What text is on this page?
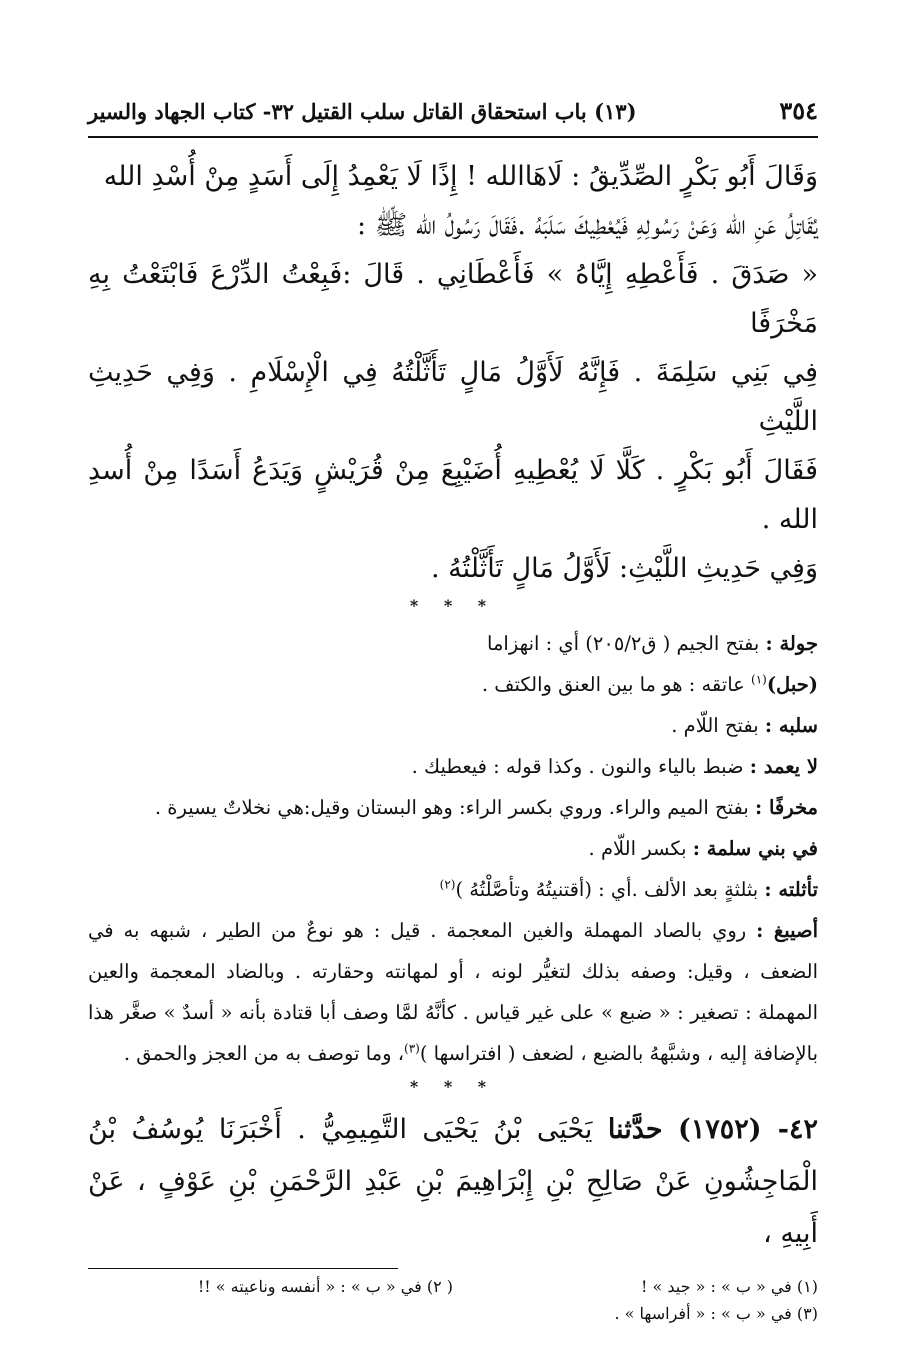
٣٥٤
(١٣) باب استحقاق القاتل سلب القتيل ٣٢- كتاب الجهاد والسير

وَقَالَ أَبُو بَكْرٍ الصِّدِّيقُ : لَاهَاالله ! إِذًا لَا يَعْمِدُ إِلَى أَسَدٍ مِنْ أُسْدِ الله

يُقَاتِلُ عَنِ الله وَعَنْ رَسُولِهِ فَيُعْطِيكَ سَلَبَهُ .فَقَالَ رَسُولُ الله ﷺ :

« صَدَقَ . فَأَعْطِهِ إِيَّاهُ » فَأَعْطَانِي . قَالَ :فَبِعْتُ الدِّرْعَ فَابْتَعْتُ بِهِ مَخْرَفًا

فِي بَنِي سَلِمَةَ . فَإِنَّهُ لَأَوَّلُ مَالٍ تَأَثَّلْتُهُ فِي الْإِسْلَامِ . وَفِي حَدِيثِ اللَّيْثِ

فَقَالَ أَبُو بَكْرٍ . كَلَّا لَا يُعْطِيهِ أُضَيْبِعَ مِنْ قُرَيْشٍ وَيَدَعُ أَسَدًا مِنْ أُسدِ الله .

وَفِي حَدِيثِ اللَّيْثِ: لَأَوَّلُ مَالٍ تَأَثَّلْتُهُ .

* * *

جولة : بفتح الجيم ( ق٢٠٥/٢) أي : انهزاما

(حبل)$^{(١)}$ عاتقه : هو ما بين العنق والكتف .

سلبه : بفتح اللّام .

لا يعمد : ضبط بالياء والنون . وكذا قوله : فيعطيك .

مخرفًا : بفتح الميم والراء. وروي بكسر الراء: وهو البستان وقيل:هي نخلاتٌ يسيرة .

في بني سلمة : بكسر اللّام .

تأثلته : بثلثةٍ بعد الألف .أي : (أقتنيتُهُ وتأصَّلْتُهُ )$^{(٢)}$

أصيبغ : روي بالصاد المهملة والغين المعجمة . قيل : هو نوعٌ من الطير ، شبهه به في الضعف ، وقيل: وصفه بذلك لتغيُّر لونه ، أو لمهانته وحقارته . وبالضاد المعجمة والعين المهملة : تصغير : « ضبع » على غير قياس . كأنَّهُ لمَّا وصف أبا قتادة بأنه « أسدٌ » صغَّر هذا بالإضافة إليه ، وشبَّههُ بالضبع ، لضعف ( افتراسها )$^{(٣)}$، وما توصف به من العجز والحمق .

* * *

٤٢- (١٧٥٢) حدَّثنا يَحْيَى بْنُ يَحْيَى التَّمِيمِيُّ . أَخْبَرَنَا يُوسُفُ بْنُ الْمَاجِشُونِ عَنْ صَالِحِ بْنِ إِبْرَاهِيمَ بْنِ عَبْدِ الرَّحْمَنِ بْنِ عَوْفٍ ، عَنْ أَبِيهِ ،

(١) في « ب » : « جيد » !
( ٢) في « ب » : « أنفسه وناعيته » !!
(٣) في « ب » : « أفراسها » .
